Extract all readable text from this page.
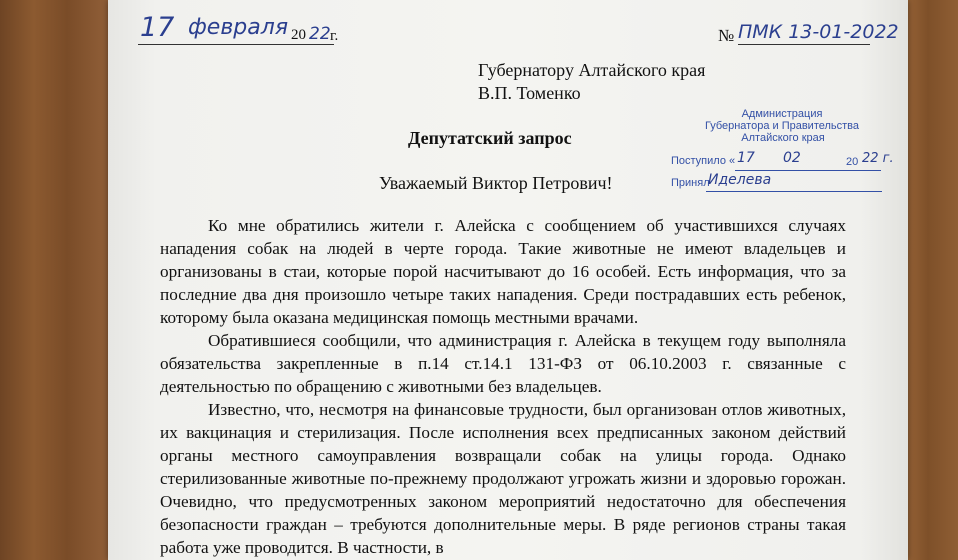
17 февраля 20 22 г.	№ ПМК 13-01-2022
Губернатору Алтайского края
В.П. Томенко
Администрация
Губернатора и Правительства
Алтайского края
Поступило « 17 02	20 22 г.
Принял
Иделева
Депутатский запрос
Уважаемый Виктор Петрович!

Ко мне обратились жители г. Алейска с сообщением об участившихся случаях нападения собак на людей в черте города. Такие животные не имеют владельцев и организованы в стаи, которые порой насчитывают до 16 особей. Есть информация, что за последние два дня произошло четыре таких нападения. Среди пострадавших есть ребенок, которому была оказана медицинская помощь местными врачами.

Обратившиеся сообщили, что администрация г. Алейска в текущем году выполняла обязательства закрепленные в п.14 ст.14.1 131-ФЗ от 06.10.2003 г. связанные с деятельностью по обращению с животными без владельцев.

Известно, что, несмотря на финансовые трудности, был организован отлов животных, их вакцинация и стерилизация. После исполнения всех предписанных законом действий органы местного самоуправления возвращали собак на улицы города. Однако стерилизованные животные по-прежнему продолжают угрожать жизни и здоровью горожан. Очевидно, что предусмотренных законом мероприятий недостаточно для обеспечения безопасности граждан – требуются дополнительные меры. В ряде регионов страны такая работа уже проводится. В частности, в
